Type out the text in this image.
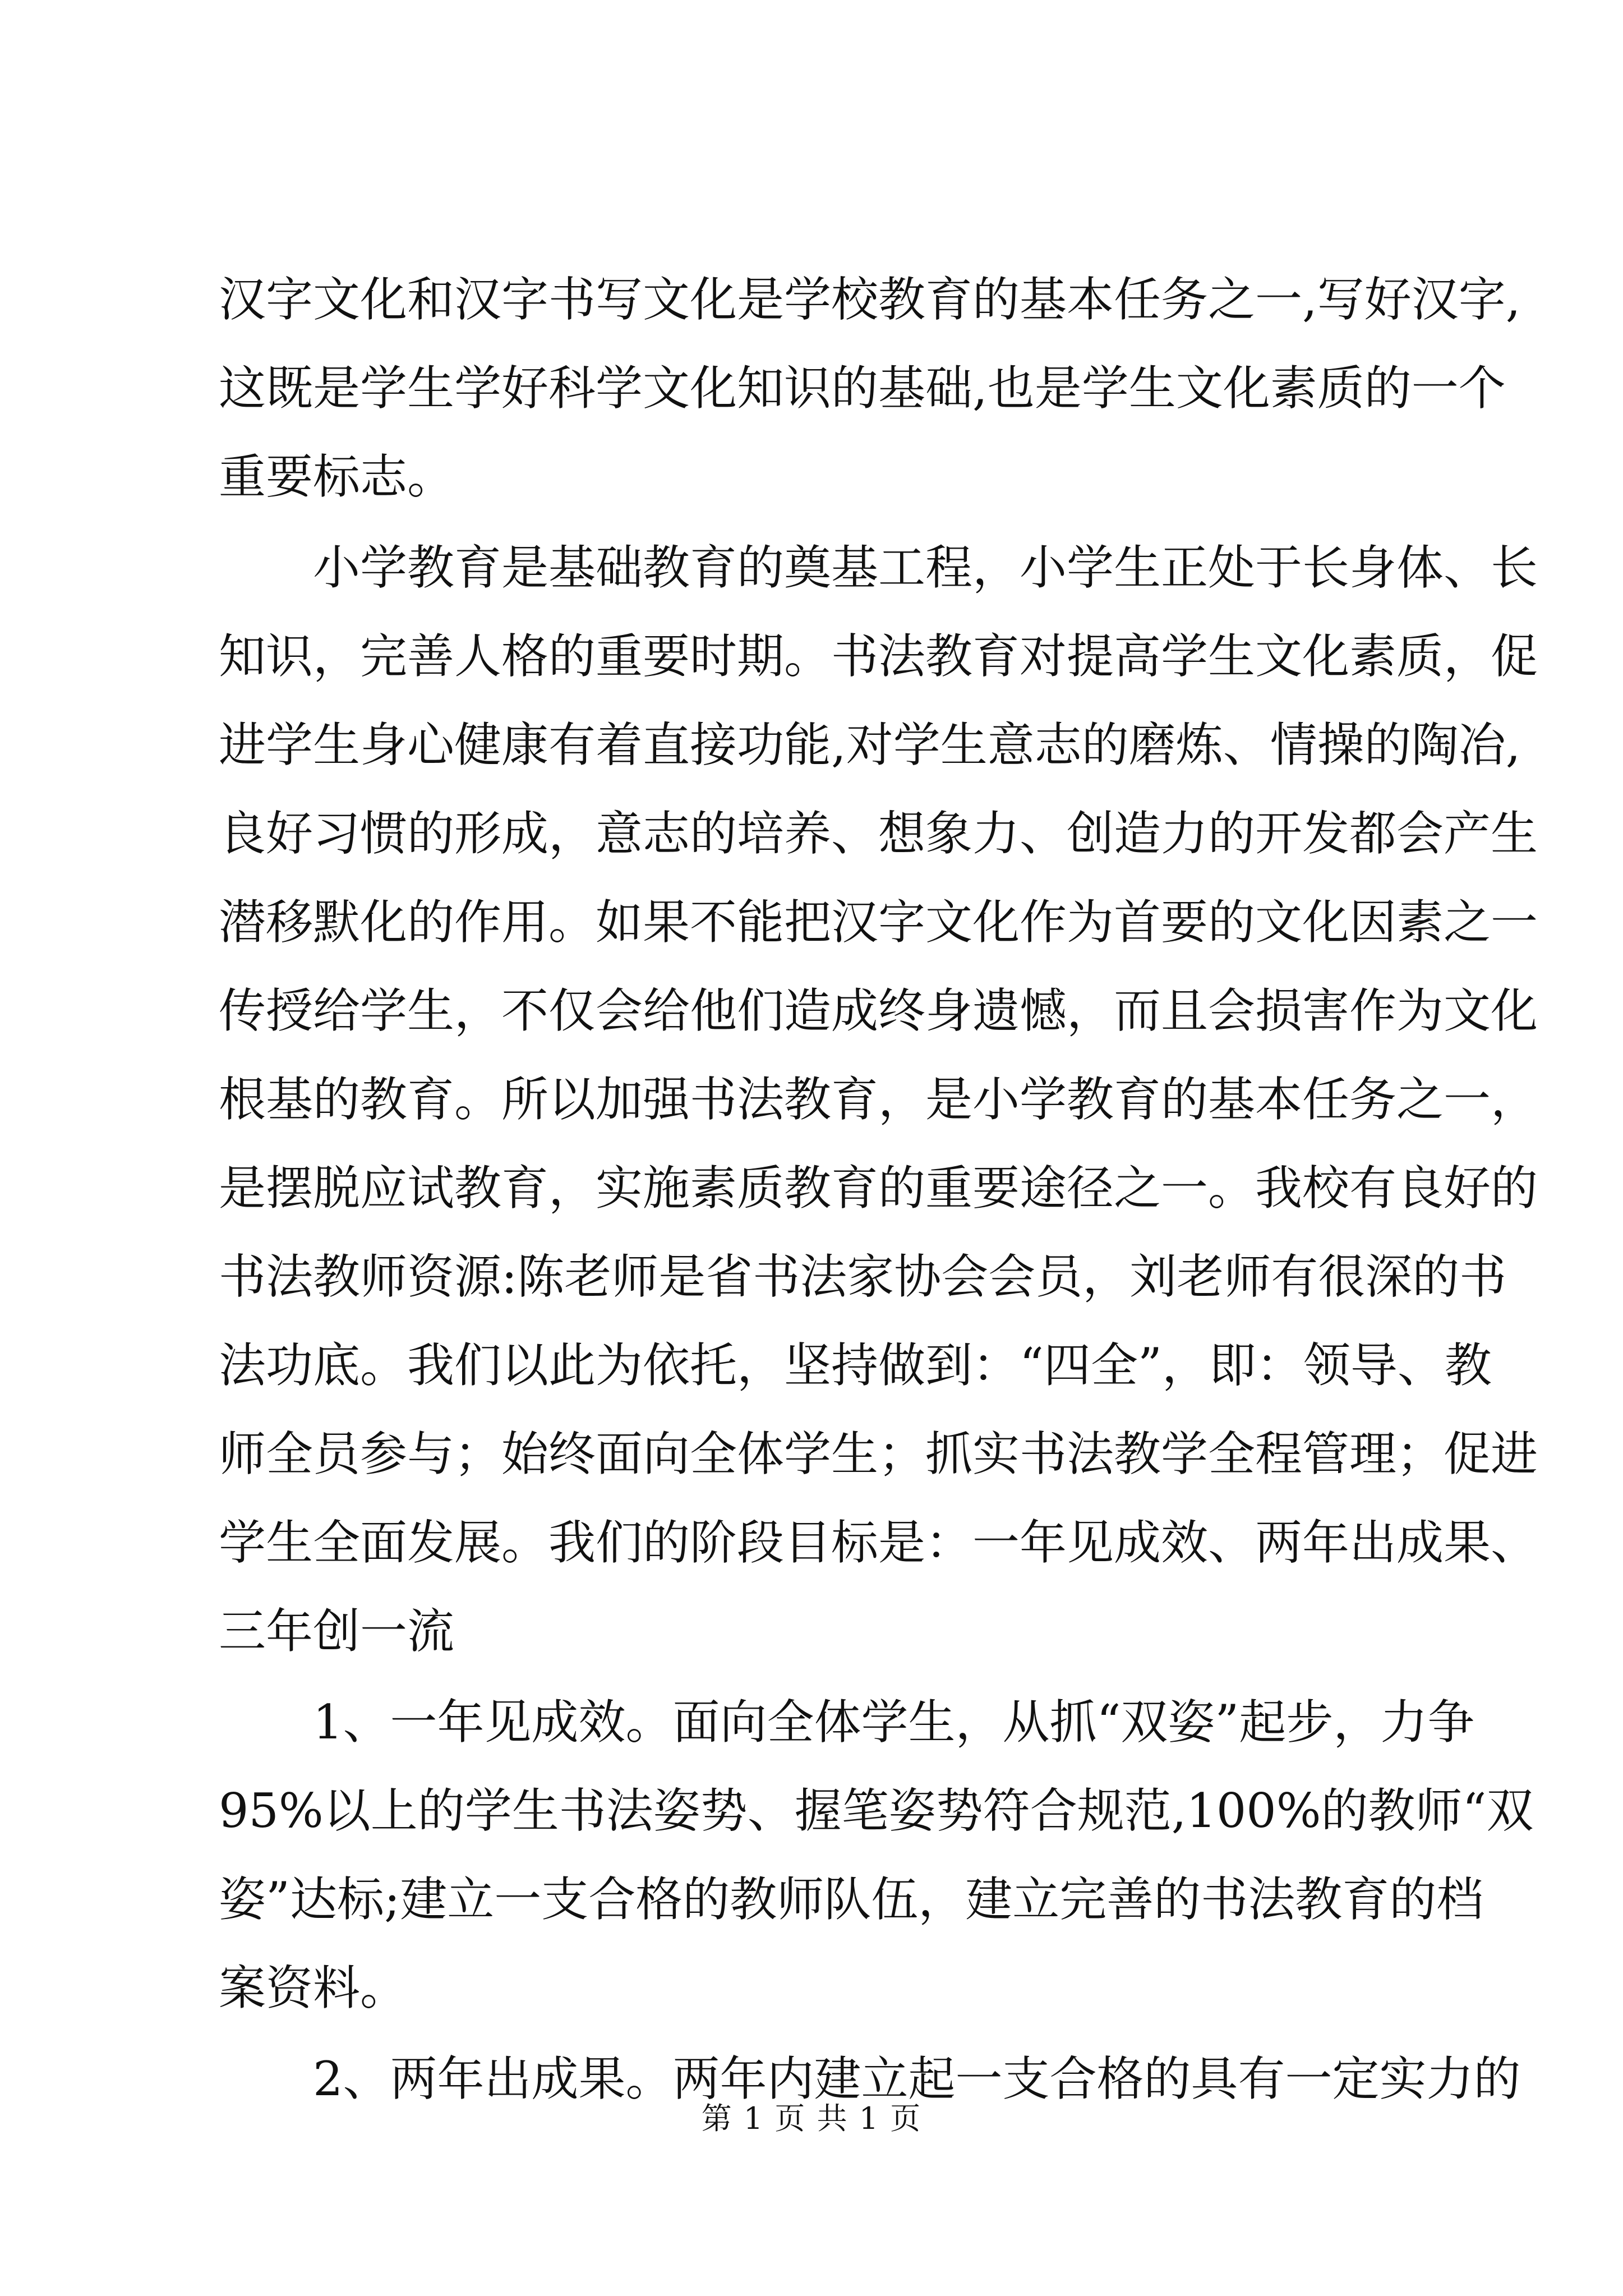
汉字文化和汉字书写文化是学校教育的基本任务之一,写好汉字,
这既是学生学好科学文化知识的基础,也是学生文化素质的一个
重要标志。
　　小学教育是基础教育的奠基工程，小学生正处于长身体、长
知识，完善人格的重要时期。书法教育对提高学生文化素质，促
进学生身心健康有着直接功能,对学生意志的磨炼、情操的陶冶,
良好习惯的形成，意志的培养、想象力、创造力的开发都会产生
潜移默化的作用。如果不能把汉字文化作为首要的文化因素之一
传授给学生，不仅会给他们造成终身遗憾，而且会损害作为文化
根基的教育。所以加强书法教育，是小学教育的基本任务之一，
是摆脱应试教育，实施素质教育的重要途径之一。我校有良好的
书法教师资源:陈老师是省书法家协会会员，刘老师有很深的书
法功底。我们以此为依托，坚持做到：“四全”，即：领导、教
师全员参与；始终面向全体学生；抓实书法教学全程管理；促进
学生全面发展。我们的阶段目标是：一年见成效、两年出成果、
三年创一流
　　1、一年见成效。面向全体学生，从抓“双姿”起步，力争
95%以上的学生书法姿势、握笔姿势符合规范,100%的教师“双
姿”达标;建立一支合格的教师队伍，建立完善的书法教育的档
案资料。
　　2、两年出成果。两年内建立起一支合格的具有一定实力的
第 1 页 共 1 页
